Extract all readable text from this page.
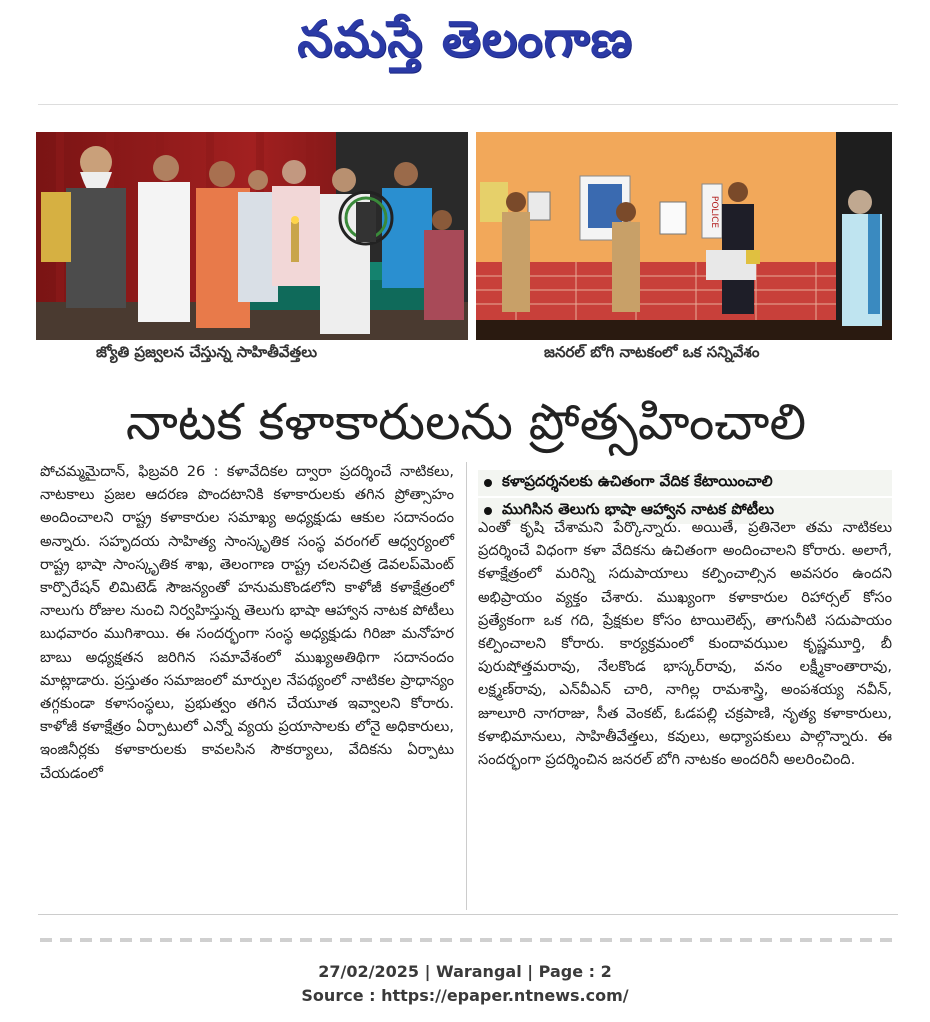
నమస్తే తెలంగాణ
POLICE
జ్యోతి ప్రజ్వలన చేస్తున్న సాహితీవేత్తలు	జనరల్ బోగి నాటకంలో ఒక సన్నివేశం
నాటక కళాకారులను ప్రోత్సహించాలి

పోచమ్మమైదాన్, ఫిబ్రవరి 26 : కళావేదికల ద్వారా ప్రదర్శించే నాటికలు, నాటకాలు ప్రజల ఆదరణ పొందటానికి కళాకారులకు తగిన ప్రోత్సాహం అందించాలని రాష్ట్ర కళాకారుల సమాఖ్య అధ్యక్షుడు ఆకుల సదానందం అన్నారు. సహృదయ సాహిత్య సాంస్కృతిక సంస్థ వరంగల్ ఆధ్వర్యంలో రాష్ట్ర భాషా సాంస్కృతిక శాఖ, తెలంగాణ రాష్ట్ర చలనచిత్ర డెవలప్‌మెంట్ కార్పొరేషన్ లిమిటెడ్ సౌజన్యంతో హనుమకొండలోని కాళోజీ కళాక్షేత్రంలో నాలుగు రోజుల నుంచి నిర్వహిస్తున్న తెలుగు భాషా ఆహ్వాన నాటక పోటీలు బుధవారం ముగిశాయి. ఈ సందర్భంగా సంస్థ అధ్యక్షుడు గిరిజా మనోహర బాబు అధ్యక్షతన జరిగిన సమావేశంలో ముఖ్యఅతిథిగా సదానందం మాట్లాడారు. ప్రస్తుతం సమాజంలో మార్పుల నేపథ్యంలో నాటికల ప్రాధాన్యం తగ్గకుండా కళాసంస్థలు, ప్రభుత్వం తగిన చేయూత ఇవ్వాలని కోరారు. కాళోజీ కళాక్షేత్రం ఏర్పాటులో ఎన్నో వ్యయ ప్రయాసాలకు లోనై అధికారులు, ఇంజినీర్లకు కళాకారులకు కావలసిన సౌకర్యాలు, వేదికను ఏర్పాటు చేయడంలో

కళాప్రదర్శనలకు ఉచితంగా వేదిక కేటాయించాలి
ముగిసిన తెలుగు భాషా ఆహ్వాన నాటక పోటీలు

ఎంతో కృషి చేశామని పేర్కొన్నారు. అయితే, ప్రతినెలా తమ నాటికలు ప్రదర్శించే విధంగా కళా వేదికను ఉచితంగా అందించాలని కోరారు. అలాగే, కళాక్షేత్రంలో మరిన్ని సదుపాయాలు కల్పించాల్సిన అవసరం ఉందని అభిప్రాయం వ్యక్తం చేశారు. ముఖ్యంగా కళాకారుల రిహార్సల్ కోసం ప్రత్యేకంగా ఒక గది, ప్రేక్షకుల కోసం టాయిలెట్స్, తాగునీటి సదుపాయం కల్పించాలని కోరారు. కార్యక్రమంలో కుందావఝుల కృష్ణమూర్తి, బీ పురుషోత్తమరావు, నేలకొండ భాస్కర్‌రావు, వనం లక్ష్మీకాంతారావు, లక్ష్మణ్‌రావు, ఎన్‌వీఎన్ చారి, నాగిల్ల రామశాస్త్రి, అంపశయ్య నవీన్, జూలూరి నాగరాజు, సీత వెంకట్, ఓడపల్లి చక్రపాణి, నృత్య కళాకారులు, కళాభిమానులు, సాహితీవేత్తలు, కవులు, అధ్యాపకులు పాల్గొన్నారు. ఈ సందర్భంగా ప్రదర్శించిన జనరల్ బోగి నాటకం అందరినీ అలరించింది.

27/02/2025 | Warangal | Page : 2
Source : https://epaper.ntnews.com/
